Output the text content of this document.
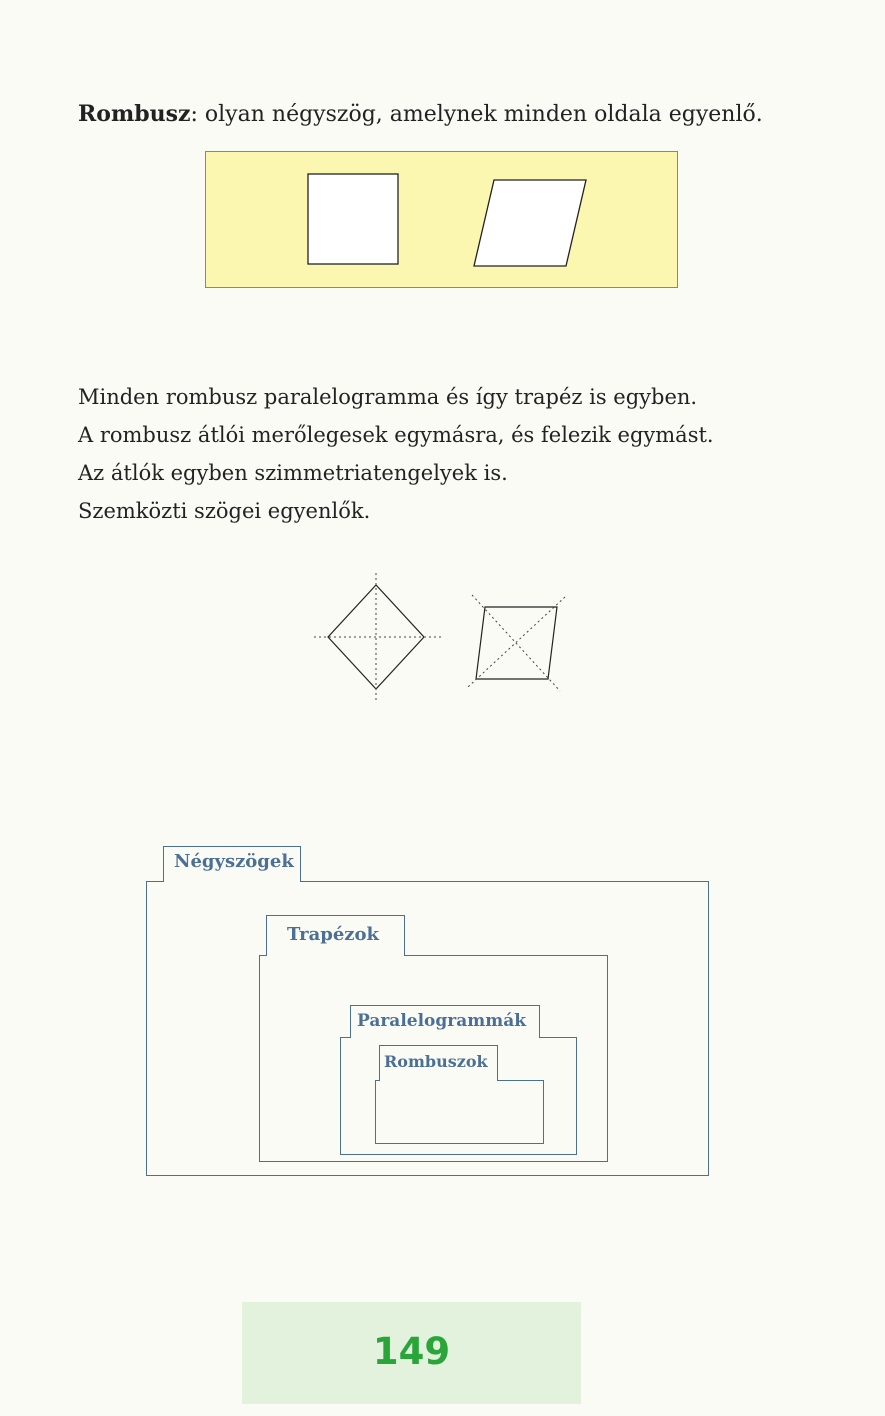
Rombusz: olyan négyszög, amelynek minden oldala egyenlő.
Minden rombusz paralelogramma és így trapéz is egyben.
A rombusz átlói merőlegesek egymásra, és felezik egymást.
Az átlók egyben szimmetriatengelyek is.
Szemközti szögei egyenlők.
Négyszögek
Trapézok
Paralelogrammák
Rombuszok
149
